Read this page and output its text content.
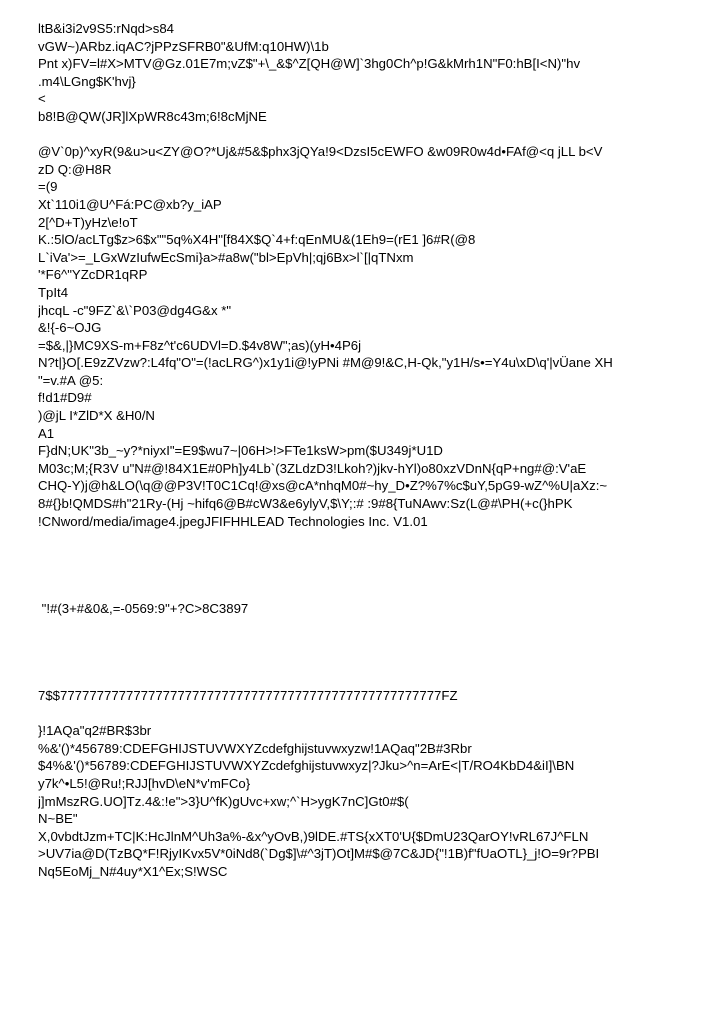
ltB&i3i2v9S5:rNqd>s84
vGW~)ARbz.iqAC?jPPzSFRB0"&UfM:q10HW)\1b
Pnt x)FV=l#X>MTV@Gz.01E7m;vZ$"+\_&$^Z[QH@W]`3hg0Ch^p!G&kMrh1N"F0:hB[I<N)"hv
.m4\LGng$K'hvj}
<
b8!B@QW(JR]lXpWR8c43m;6!8cMjNE
@V`0p)^xyR(9&u>u<ZY@O?*Uj&#5&$phx3jQYa!9<DzsI5cEWFO &w09R0w4d•FAf@<q jLL b<V
zD Q:@H8R
=(9
Xt`110i1@U^Fá:PC@xb?y_iAP
2[^D+T)yHz\e!oT
K.:5lO/acLTg$z>6$x""5q%X4H"[f84X$Q`4+f:qEnMU&(1Eh9=(rE1 ]6#R(@8
L`iVa'>=_LGxWzIufwEcSmi}a>#a8w("bl>EpVh|;qj6Bx>l`[|qTNxm
'*F6^"YZcDR1qRP
TpIt4
jhcqL -c"9FZ`&\`P03@dg4G&x *"
&!{-6~OJG
=$&,|}MC9XS-m+F8z^t'c6UDVl=D.$4v8W";as)(yH•4P6j
N?t|}O[.E9zZVzw?:L4fq"O"=(!acLRG^)x1y1i@!yPNi #M@9!&C,H-Qk,"y1H/s•=Y4u\xD\q'|vÜane XH
"=v.#A @5:
f!d1#D9#
)@jL I*ZlD*X &H0/N
A1
F}dN;UK"3b_~y?*niyxI"=E9$wu7~|06H>!>FTe1ksW>pm($U349j*U1D
M03c;M;{R3V u"N#@!84X1E#0Ph]y4Lb`(3ZLdzD3!Lkoh?)jkv-hYl)o80xzVDnN{qP+ng#@:V'aE
CHQ-Y)j@h&LO(\q@@P3V!T0C1Cq!@xs@cA*nhqM0#~hy_D•Z?%7%c$uY,5pG9-wZ^%U|aXz:~
8#{}b!QMDS#h"21Ry-(Hj ~hifq6@B#cW3&e6ylyV,$\Y;:# :9#8{TuNAwv:Sz(L@#\PH(+c(}hPK
!CNword/media/image4.jpegJFIFHHLEAD Technologies Inc. V1.01
"!#(3+#&0&,=-0569:9"+?C>8C3897
7$$7777777777777777777777777777777777777777777777777777FZ
}!1AQa"q2#BR$3br
%&'()*456789:CDEFGHIJSTUVWXYZcdefghijstuvwxyzw!1AQaq"2B#3Rbr
$4%&'()*56789:CDEFGHIJSTUVWXYZcdefghijstuvwxyz|?Jku>^n=ArE<|T/RO4KbD4&iI]\BN
y7k^•L5!@Ru!;RJJ[hvD\eN*v'mFCo}
j]mMszRG.UO]Tz.4&:!e">3}U^fK)gUvc+xw;^`H>ygK7nC]Gt0#$(
N~BE"
X,0vbdtJzm+TC|K:HcJlnM^Uh3a%-&x^yOvB,)9lDE.#TS{xXT0'U{$DmU23QarOY!vRL67J^FLN
>UV7ia@D(TzBQ*F!RjyIKvx5V*0iNd8(`Dg$]\#^3jT)Ot]M#$@7C&JD{"!1B)f"fUaOTL}_j!O=9r?PBI
Nq5EoMj_N#4uy*X1^Ex;S!WSC
